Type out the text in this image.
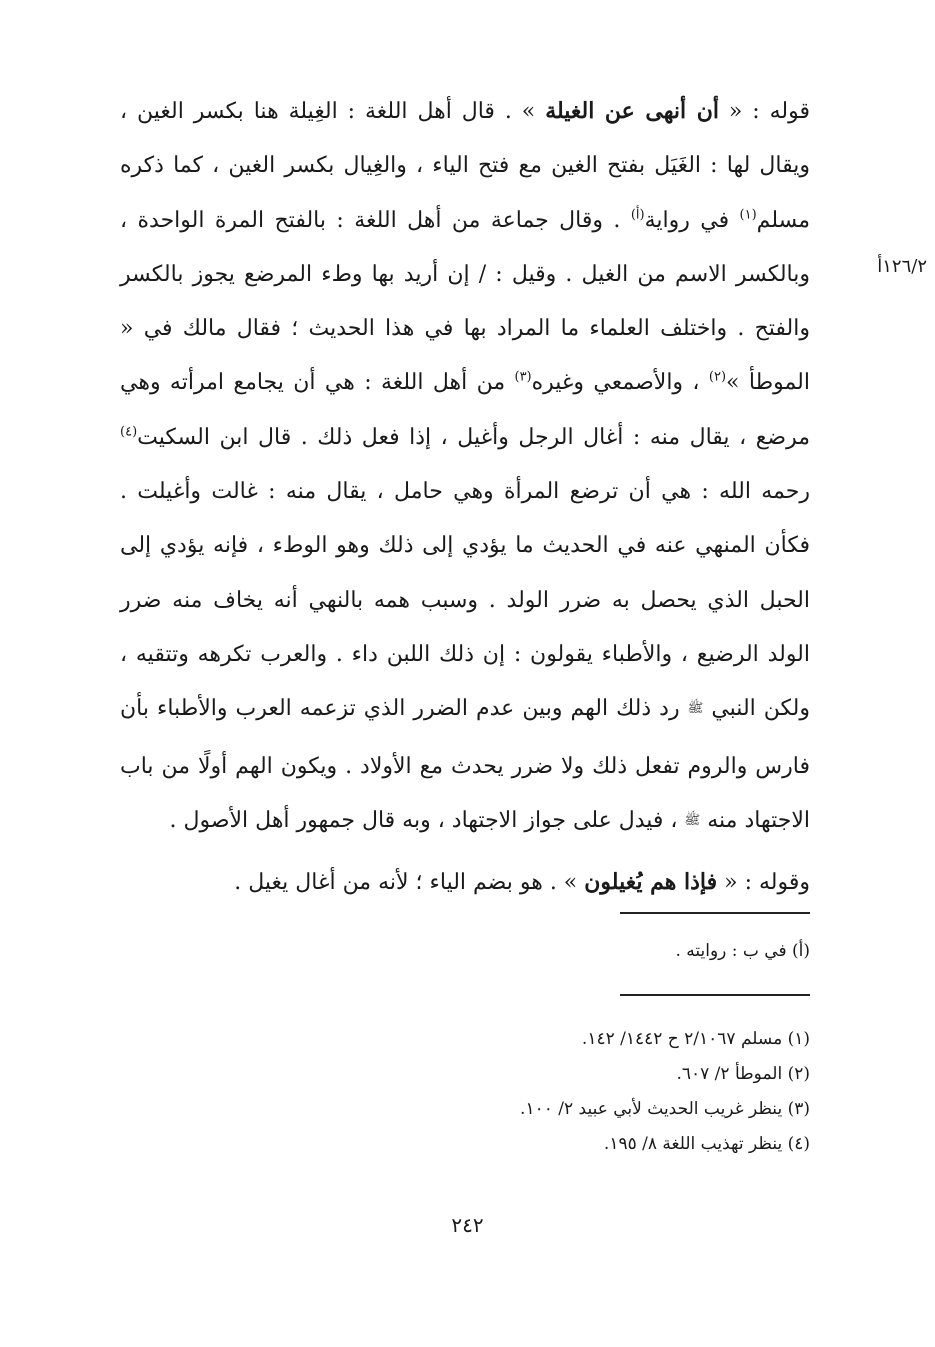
١٢٦/٢أ

قوله : « أن أنهى عن الغيلة » . قال أهل اللغة : الغِيلة هنا بكسر الغين ، ويقال لها : الغَيَل بفتح الغين مع فتح الياء ، والغِيال بكسر الغين ، كما ذكره مسلم$^{(١)}$ في رواية$^{(أ)}$ . وقال جماعة من أهل اللغة : بالفتح المرة الواحدة ، وبالكسر الاسم من الغيل . وقيل : / إن أريد بها وطء المرضع يجوز بالكسر والفتح . واختلف العلماء ما المراد بها في هذا الحديث ؛ فقال مالك في « الموطأ »$^{(٢)}$ ، والأصمعي وغيره$^{(٣)}$ من أهل اللغة : هي أن يجامع امرأته وهي مرضع ، يقال منه : أغال الرجل وأغيل ، إذا فعل ذلك . قال ابن السكيت$^{(٤)}$ رحمه الله : هي أن ترضع المرأة وهي حامل ، يقال منه : غالت وأغيلت . فكأن المنهي عنه في الحديث ما يؤدي إلى ذلك وهو الوطء ، فإنه يؤدي إلى الحبل الذي يحصل به ضرر الولد . وسبب همه بالنهي أنه يخاف منه ضرر الولد الرضيع ، والأطباء يقولون : إن ذلك اللبن داء . والعرب تكرهه وتتقيه ، ولكن النبي ﷺ رد ذلك الهم وبين عدم الضرر الذي تزعمه العرب والأطباء بأن فارس والروم تفعل ذلك ولا ضرر يحدث مع الأولاد . ويكون الهم أولًا من باب الاجتهاد منه ﷺ ، فيدل على جواز الاجتهاد ، وبه قال جمهور أهل الأصول .

وقوله : « فإذا هم يُغيلون » . هو بضم الياء ؛ لأنه من أغال يغيل .
(أ) في ب : روايته .
(١) مسلم ٢/١٠٦٧ ح ١٤٤٢/ ١٤٢.
(٢) الموطأ ٢/ ٦٠٧.
(٣) ينظر غريب الحديث لأبي عبيد ٢/ ١٠٠.
(٤) ينظر تهذيب اللغة ٨/ ١٩٥.
٢٤٢
